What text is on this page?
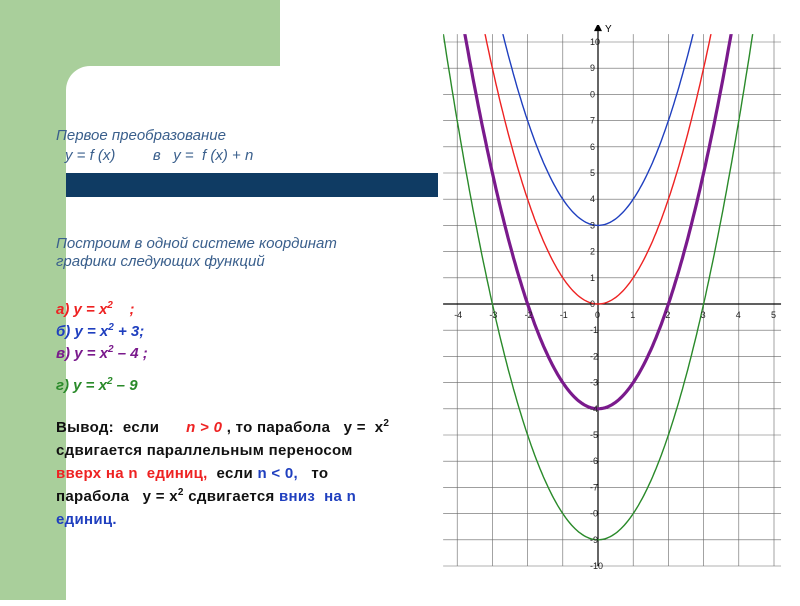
Первое преобразование
y = f (x)         в   y =  f (x) + n

Построим в одной системе координат графики следующих функций

а) $y = x^2$    ;
б) $y = x^2 + 3$;
в) $y = x^2 - 4$ ;
г) $y = x^2 - 9$

Вывод:  если      n > 0 , то парабола   $y = x^2$ сдвигается параллельным переносом вверх на n  единиц,  если n < 0,   то парабола   $y = x^2$ сдвигается вниз  на n единиц.

Y
-4	-3	-2	-1	0	1	2	3	4	5
10
9
0
7
6
5
4
3
2
1
0
-1
-2
-3
-4
-5
-6
-7
-0
-9
-10
